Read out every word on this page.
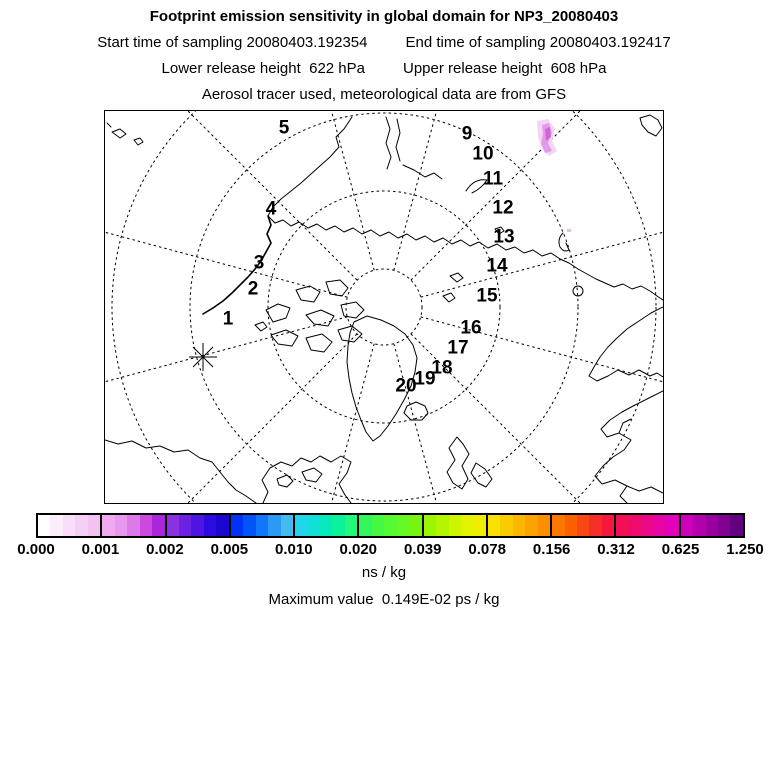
Footprint emission sensitivity in global domain for NP3_20080403
Start time of sampling 20080403.192354	End time of sampling 20080403.192417
Lower release height  622 hPa	Upper release height  608 hPa
Aerosol tracer used, meteorological data are from GFS
1
2
3
4
5	9
10
11
12
13
14
15
16
17
18
19
20
0.000 0.001 0.002 0.005 0.010 0.020 0.039 0.078 0.156 0.312 0.625 1.250
ns / kg
Maximum value  0.149E-02 ps / kg
